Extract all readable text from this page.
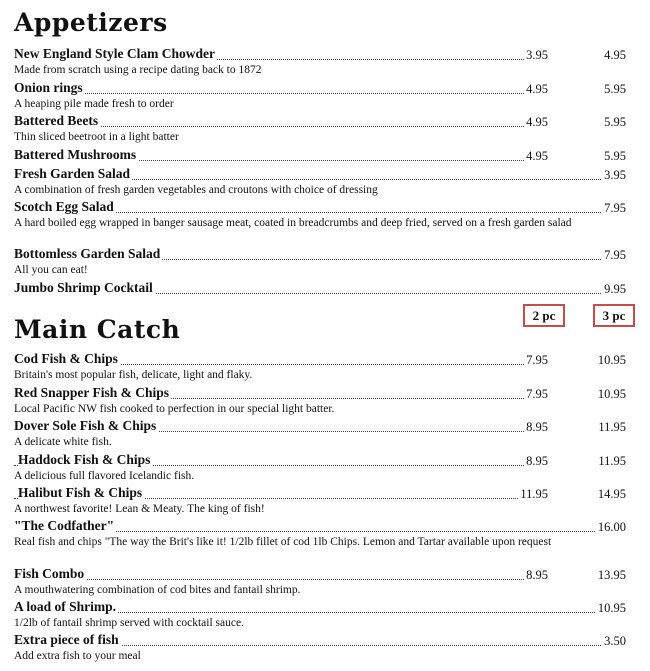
Appetizers
New England Style Clam Chowder	3.95	4.95
Made from scratch using a recipe dating back to 1872
Onion rings	4.95	5.95
A heaping pile made fresh to order
Battered Beets	4.95	5.95
Thin sliced beetroot in a light batter
Battered Mushrooms	4.95	5.95
Fresh Garden Salad	3.95
A combination of fresh garden vegetables and croutons with choice of dressing
Scotch Egg Salad	7.95
A hard boiled egg wrapped in banger sausage meat, coated in breadcrumbs and deep fried, served on a fresh garden salad
Bottomless Garden Salad	7.95
All you can eat!
Jumbo Shrimp Cocktail	9.95
Main Catch	2 pc	3 pc
Cod Fish & Chips	7.95	10.95
Britain's most popular fish, delicate, light and flaky.
Red Snapper Fish & Chips	7.95	10.95
Local Pacific NW fish cooked to perfection in our special light batter.
Dover Sole Fish & Chips	8.95	11.95
A delicate white fish.
Haddock Fish & Chips	8.95	11.95
A delicious full flavored Icelandic fish.
Halibut Fish & Chips	11.95	14.95
A northwest favorite! Lean & Meaty. The king of fish!
"The Codfather"	16.00
Real fish and chips "The way the Brit's like it! 1/2lb fillet of cod 1lb Chips. Lemon and Tartar available upon request
Fish Combo	8.95	13.95
A mouthwatering combination of cod bites and fantail shrimp.
A load of Shrimp.	10.95
1/2lb of fantail shrimp served with cocktail sauce.
Extra piece of fish	3.50
Add extra fish to your meal
